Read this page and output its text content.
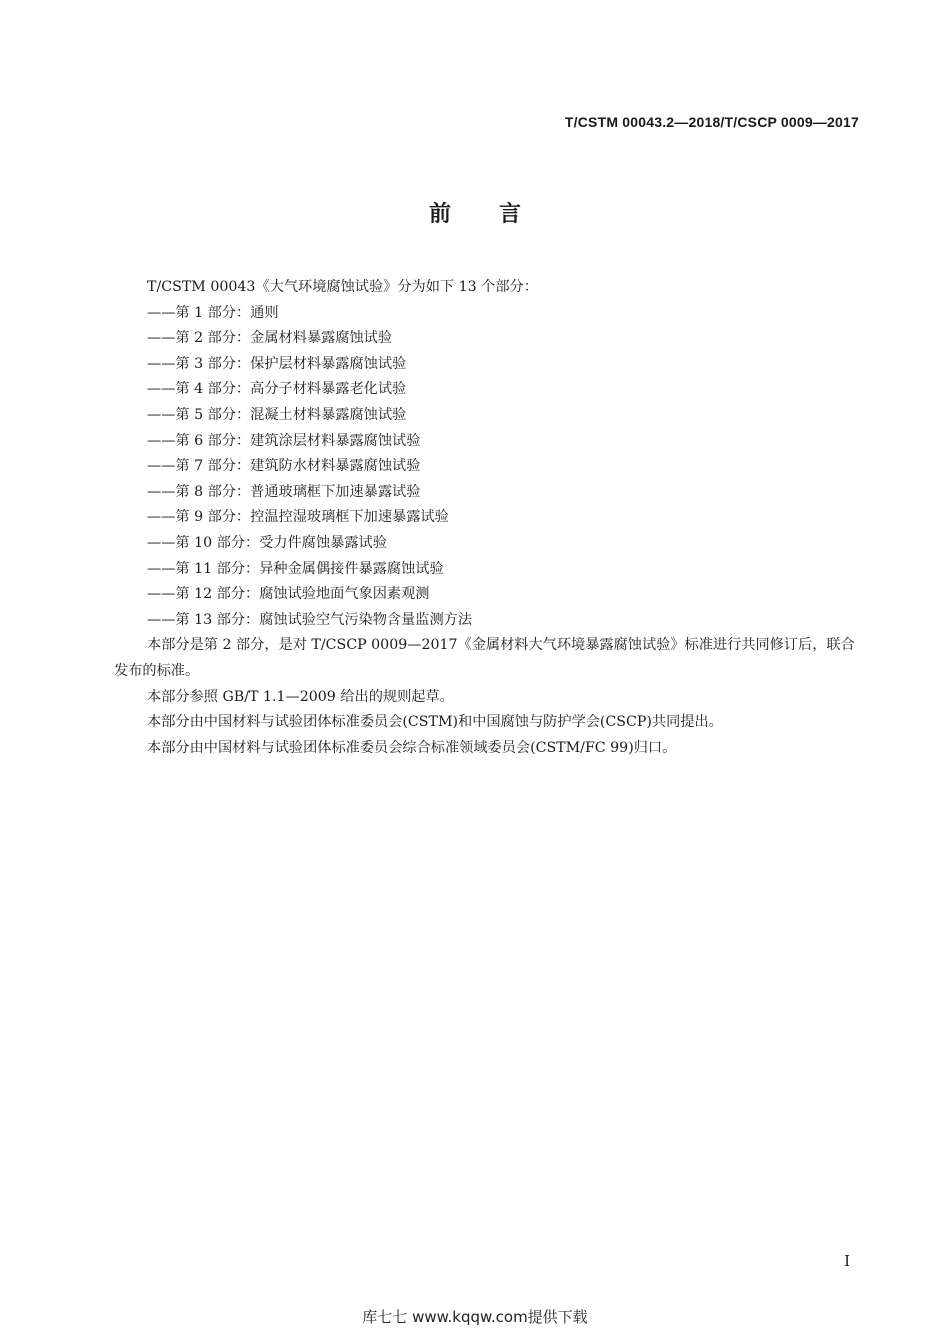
T/CSTM 00043.2—2018/T/CSCP 0009—2017
前言
T/CSTM 00043《大气环境腐蚀试验》分为如下 13 个部分：
——第 1 部分：通则
——第 2 部分：金属材料暴露腐蚀试验
——第 3 部分：保护层材料暴露腐蚀试验
——第 4 部分：高分子材料暴露老化试验
——第 5 部分：混凝土材料暴露腐蚀试验
——第 6 部分：建筑涂层材料暴露腐蚀试验
——第 7 部分：建筑防水材料暴露腐蚀试验
——第 8 部分：普通玻璃框下加速暴露试验
——第 9 部分：控温控湿玻璃框下加速暴露试验
——第 10 部分：受力件腐蚀暴露试验
——第 11 部分：异种金属偶接件暴露腐蚀试验
——第 12 部分：腐蚀试验地面气象因素观测
——第 13 部分：腐蚀试验空气污染物含量监测方法
本部分是第 2 部分，是对 T/CSCP 0009—2017《金属材料大气环境暴露腐蚀试验》标准进行共同修订后，联合发布的标准。
本部分参照 GB/T 1.1—2009 给出的规则起草。
本部分由中国材料与试验团体标准委员会(CSTM)和中国腐蚀与防护学会(CSCP)共同提出。
本部分由中国材料与试验团体标准委员会综合标准领域委员会(CSTM/FC 99)归口。
I
库七七 www.kqqw.com提供下载
